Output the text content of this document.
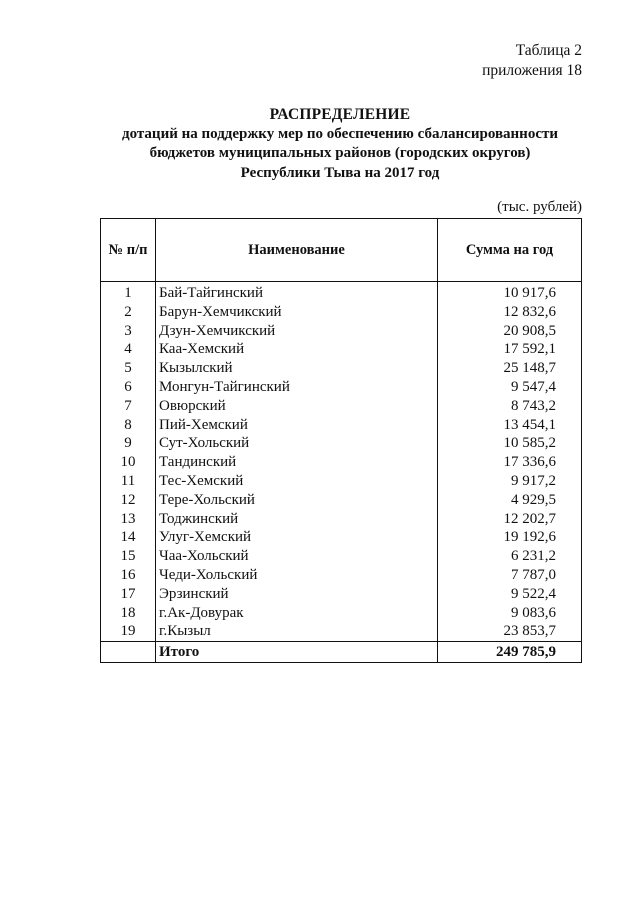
Таблица 2
приложения 18
РАСПРЕДЕЛЕНИЕ
дотаций на поддержку мер по обеспечению сбалансированности
бюджетов муниципальных районов (городских округов)
Республики Тыва на 2017 год
(тыс. рублей)
№ п/п	Наименование	Сумма на год
1	Бай-Тайгинский	10 917,6
2	Барун-Хемчикский	12 832,6
3	Дзун-Хемчикский	20 908,5
4	Каа-Хемский	17 592,1
5	Кызылский	25 148,7
6	Монгун-Тайгинский	9 547,4
7	Овюрский	8 743,2
8	Пий-Хемский	13 454,1
9	Сут-Хольский	10 585,2
10	Тандинский	17 336,6
11	Тес-Хемский	9 917,2
12	Тере-Хольский	4 929,5
13	Тоджинский	12 202,7
14	Улуг-Хемский	19 192,6
15	Чаа-Хольский	6 231,2
16	Чеди-Хольский	7 787,0
17	Эрзинский	9 522,4
18	г.Ак-Довурак	9 083,6
19	г.Кызыл	23 853,7
	Итого	249 785,9
